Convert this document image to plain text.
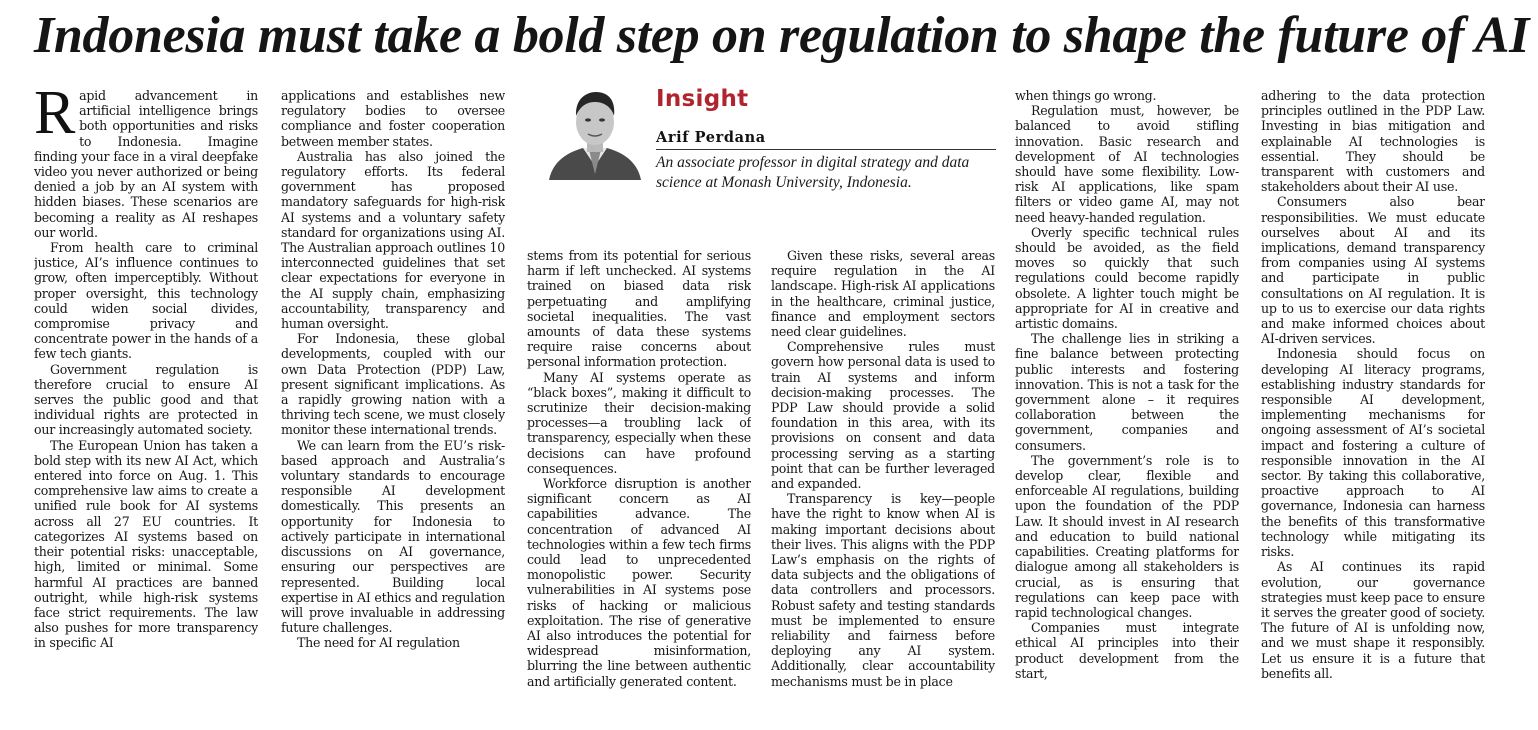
Indonesia must take a bold step on regulation to shape the future of AI

Rapid advancement in artificial intelligence brings both opportunities and risks to Indonesia. Imagine finding your face in a viral deepfake video you never authorized or being denied a job by an AI system with hidden biases. These scenarios are becoming a reality as AI reshapes our world.

From health care to criminal justice, AI’s influence continues to grow, often imperceptibly. Without proper oversight, this technology could widen social divides, compromise privacy and concentrate power in the hands of a few tech giants.

Government regulation is therefore crucial to ensure AI serves the public good and that individual rights are protected in our increasingly automated society.

The European Union has taken a bold step with its new AI Act, which entered into force on Aug. 1. This comprehensive law aims to create a unified rule book for AI systems across all 27 EU countries. It categorizes AI systems based on their potential risks: unacceptable, high, limited or minimal. Some harmful AI practices are banned outright, while high-risk systems face strict requirements. The law also pushes for more transparency in specific AI

applications and establishes new regulatory bodies to oversee compliance and foster cooperation between member states.

Australia has also joined the regulatory efforts. Its federal government has proposed mandatory safeguards for high-risk AI systems and a voluntary safety standard for organizations using AI. The Australian approach outlines 10 interconnected guidelines that set clear expectations for everyone in the AI supply chain, emphasizing accountability, transparency and human oversight.

For Indonesia, these global developments, coupled with our own Data Protection (PDP) Law, present significant implications. As a rapidly growing nation with a thriving tech scene, we must closely monitor these international trends.

We can learn from the EU’s risk-based approach and Australia’s voluntary standards to encourage responsible AI development domestically. This presents an opportunity for Indonesia to actively participate in international discussions on AI governance, ensuring our perspectives are represented. Building local expertise in AI ethics and regulation will prove invaluable in addressing future challenges.

The need for AI regulation

Insight
Arif Perdana
An associate professor in digital strategy and data science at Monash University, Indonesia.

stems from its potential for serious harm if left unchecked. AI systems trained on biased data risk perpetuating and amplifying societal inequalities. The vast amounts of data these systems require raise concerns about personal information protection.

Many AI systems operate as “black boxes”, making it difficult to scrutinize their decision-making processes—a troubling lack of transparency, especially when these decisions can have profound consequences.

Workforce disruption is another significant concern as AI capabilities advance. The concentration of advanced AI technologies within a few tech firms could lead to unprecedented monopolistic power. Security vulnerabilities in AI systems pose risks of hacking or malicious exploitation. The rise of generative AI also introduces the potential for widespread misinformation, blurring the line between authentic and artificially generated content.

Given these risks, several areas require regulation in the AI landscape. High-risk AI applications in the healthcare, criminal justice, finance and employment sectors need clear guidelines.

Comprehensive rules must govern how personal data is used to train AI systems and inform decision-making processes. The PDP Law should provide a solid foundation in this area, with its provisions on consent and data processing serving as a starting point that can be further leveraged and expanded.

Transparency is key—people have the right to know when AI is making important decisions about their lives. This aligns with the PDP Law’s emphasis on the rights of data subjects and the obligations of data controllers and processors. Robust safety and testing standards must be implemented to ensure reliability and fairness before deploying any AI system. Additionally, clear accountability mechanisms must be in place

when things go wrong.

Regulation must, however, be balanced to avoid stifling innovation. Basic research and development of AI technologies should have some flexibility. Low-risk AI applications, like spam filters or video game AI, may not need heavy-handed regulation.

Overly specific technical rules should be avoided, as the field moves so quickly that such regulations could become rapidly obsolete. A lighter touch might be appropriate for AI in creative and artistic domains.

The challenge lies in striking a fine balance between protecting public interests and fostering innovation. This is not a task for the government alone – it requires collaboration between the government, companies and consumers.

The government’s role is to develop clear, flexible and enforceable AI regulations, building upon the foundation of the PDP Law. It should invest in AI research and education to build national capabilities. Creating platforms for dialogue among all stakeholders is crucial, as is ensuring that regulations can keep pace with rapid technological changes.

Companies must integrate ethical AI principles into their product development from the start,

adhering to the data protection principles outlined in the PDP Law. Investing in bias mitigation and explainable AI technologies is essential. They should be transparent with customers and stakeholders about their AI use.

Consumers also bear responsibilities. We must educate ourselves about AI and its implications, demand transparency from companies using AI systems and participate in public consultations on AI regulation. It is up to us to exercise our data rights and make informed choices about AI-driven services.

Indonesia should focus on developing AI literacy programs, establishing industry standards for responsible AI development, implementing mechanisms for ongoing assessment of AI’s societal impact and fostering a culture of responsible innovation in the AI sector. By taking this collaborative, proactive approach to AI governance, Indonesia can harness the benefits of this transformative technology while mitigating its risks.

As AI continues its rapid evolution, our governance strategies must keep pace to ensure it serves the greater good of society. The future of AI is unfolding now, and we must shape it responsibly. Let us ensure it is a future that benefits all.
